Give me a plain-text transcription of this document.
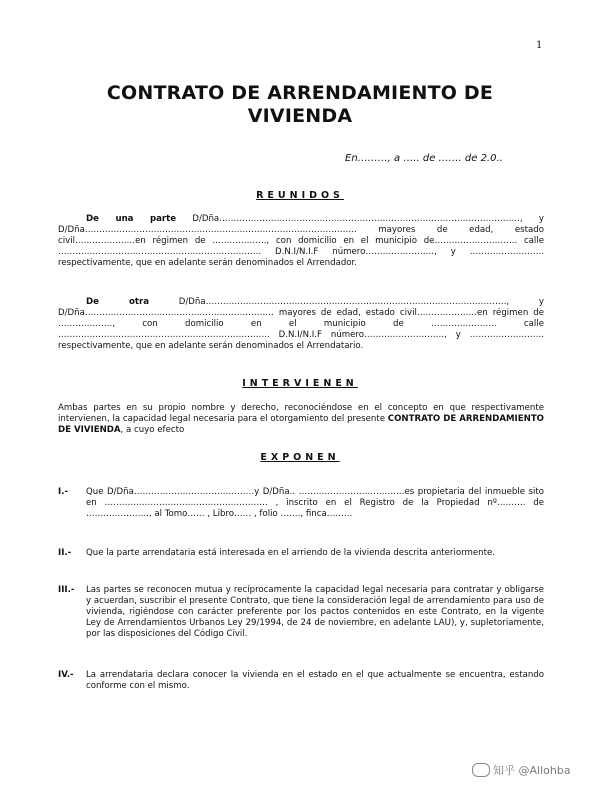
1
CONTRATO DE ARRENDAMIENTO DE
VIVIENDA
En………, a ….. de ……. de 2.0..
REUNIDOS
De una parte D/Dña……………………………………………………………………………………………, y D/Dña………………………………………………………………………………….. mayores de edad, estado civil…………………en régimen de ………………., con domicilio en el municipio de……………………….. calle …………………………………………………………….. D.N.I/N.I.F número……………………, y …………………….. respectivamente, que en adelante serán denominados el Arrendador.
De otra D/Dña……………………………………………………………………………………………, y D/Dña………………………………………………………… mayores de edad, estado civil…………………en régimen de ………………., con domicilio en el municipio de ………………….. calle ……………………………………………………………….. D.N.I/N.I.F número………………………., y …………………….. respectivamente, que en adelante serán denominados el Arrendatario.
INTERVIENEN
Ambas partes en su propio nombre y derecho, reconociéndose en el concepto en que respectivamente intervienen, la capacidad legal necesaria para el otorgamiento del presente CONTRATO DE ARRENDAMIENTO DE VIVIENDA, a cuyo efecto
EXPONEN
I.- Que D/Dña……………………………………y D/Dña.. ……………………………….es propietaria del inmueble sito en ………………………………………………… , inscrito en el Registro de la Propiedad nº………. de …………………., al Tomo…… , Libro…… , folio ……., finca………
II.- Que la parte arrendataria está interesada en el arriendo de la vivienda descrita anteriormente.
III.- Las partes se reconocen mutua y recíprocamente la capacidad legal necesaria para contratar y obligarse y acuerdan, suscribir el presente Contrato, que tiene la consideración legal de arrendamiento para uso de vivienda, rigiéndose con carácter preferente por los pactos contenidos en este Contrato, en la vigente Ley de Arrendamientos Urbanos Ley 29/1994, de 24 de noviembre, en adelante LAU), y, supletoriamente, por las disposiciones del Código Civil.
IV.- La arrendataria declara conocer la vivienda en el estado en el que actualmente se encuentra, estando conforme con el mismo.
知乎 @Allohba
